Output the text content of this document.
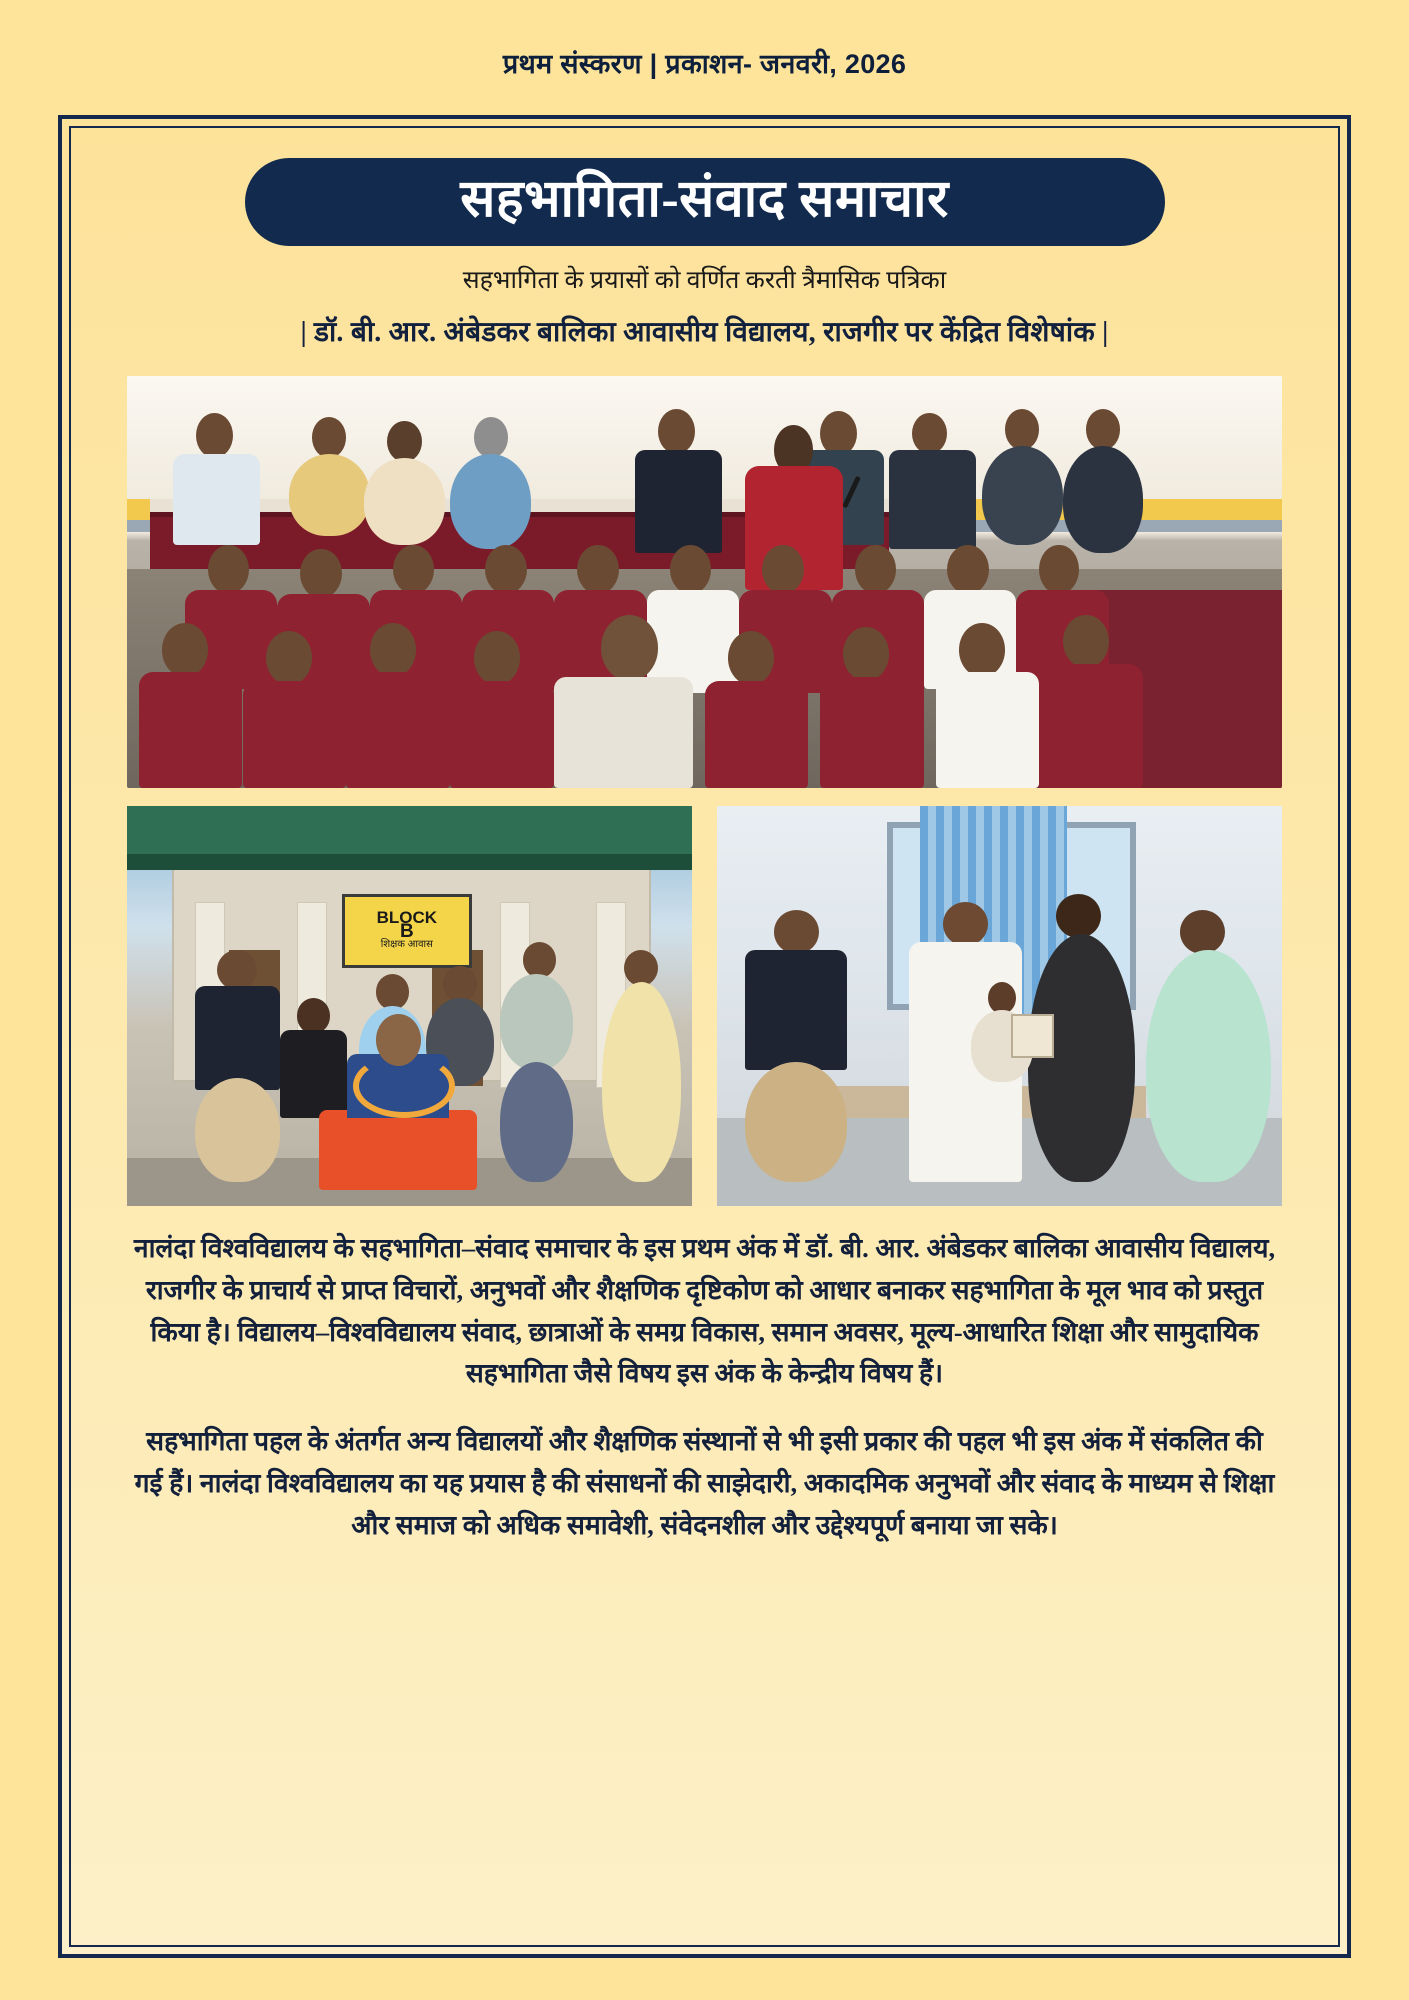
प्रथम संस्करण | प्रकाशन- जनवरी, 2026
सहभागिता-संवाद समाचार
सहभागिता के प्रयासों को वर्णित करती त्रैमासिक पत्रिका
| डॉ. बी. आर. अंबेडकर बालिका आवासीय विद्यालय, राजगीर पर केंद्रित विशेषांक |
BLOCK
B
शिक्षक आवास

नालंदा विश्वविद्यालय के सहभागिता–संवाद समाचार के इस प्रथम अंक में डॉ. बी. आर. अंबेडकर बालिका आवासीय विद्यालय, राजगीर के प्राचार्य से प्राप्त विचारों, अनुभवों और शैक्षणिक दृष्टिकोण को आधार बनाकर सहभागिता के मूल भाव को प्रस्तुत किया है। विद्यालय–विश्वविद्यालय संवाद, छात्राओं के समग्र विकास, समान अवसर, मूल्य-आधारित शिक्षा और सामुदायिक सहभागिता जैसे विषय इस अंक के केन्द्रीय विषय हैं।

सहभागिता पहल के अंतर्गत अन्य विद्यालयों और शैक्षणिक संस्थानों से भी इसी प्रकार की पहल भी इस अंक में संकलित की गई हैं। नालंदा विश्वविद्यालय का यह प्रयास है की संसाधनों की साझेदारी, अकादमिक अनुभवों और संवाद के माध्यम से शिक्षा और समाज को अधिक समावेशी, संवेदनशील और उद्देश्यपूर्ण बनाया जा सके।
